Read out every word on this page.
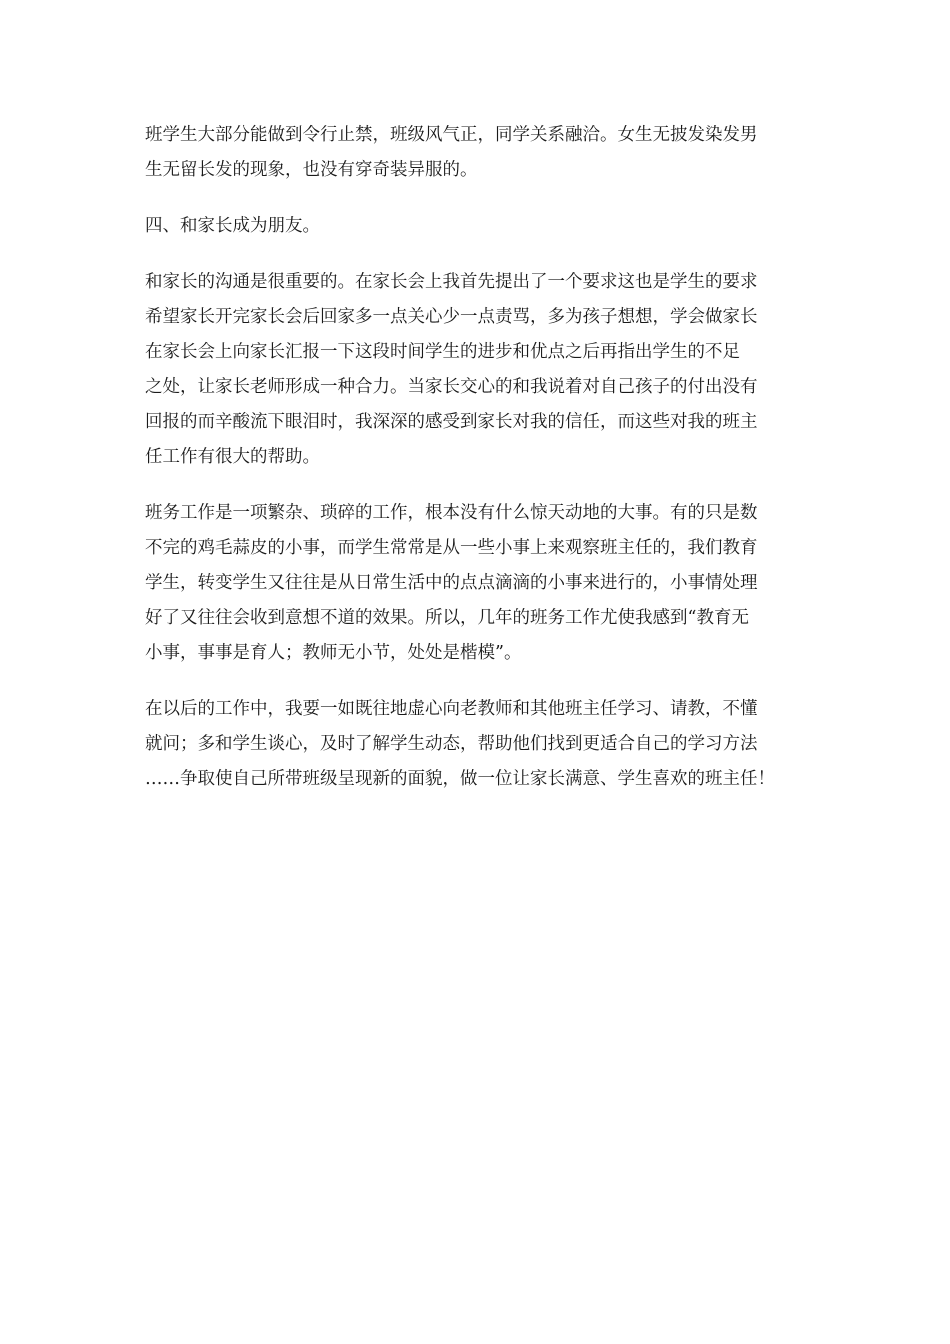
班学生大部分能做到令行止禁，班级风气正，同学关系融洽。女生无披发染发男
生无留长发的现象，也没有穿奇装异服的。

四、和家长成为朋友。

和家长的沟通是很重要的。在家长会上我首先提出了一个要求这也是学生的要求
希望家长开完家长会后回家多一点关心少一点责骂，多为孩子想想，学会做家长
在家长会上向家长汇报一下这段时间学生的进步和优点之后再指出学生的不足
之处，让家长老师形成一种合力。当家长交心的和我说着对自己孩子的付出没有
回报的而辛酸流下眼泪时，我深深的感受到家长对我的信任，而这些对我的班主
任工作有很大的帮助。

班务工作是一项繁杂、琐碎的工作，根本没有什么惊天动地的大事。有的只是数
不完的鸡毛蒜皮的小事，而学生常常是从一些小事上来观察班主任的，我们教育
学生，转变学生又往往是从日常生活中的点点滴滴的小事来进行的，小事情处理
好了又往往会收到意想不道的效果。所以，几年的班务工作尤使我感到“教育无
小事，事事是育人；教师无小节，处处是楷模”。

在以后的工作中，我要一如既往地虚心向老教师和其他班主任学习、请教，不懂
就问；多和学生谈心，及时了解学生动态，帮助他们找到更适合自己的学习方法
……争取使自己所带班级呈现新的面貌，做一位让家长满意、学生喜欢的班主任！
